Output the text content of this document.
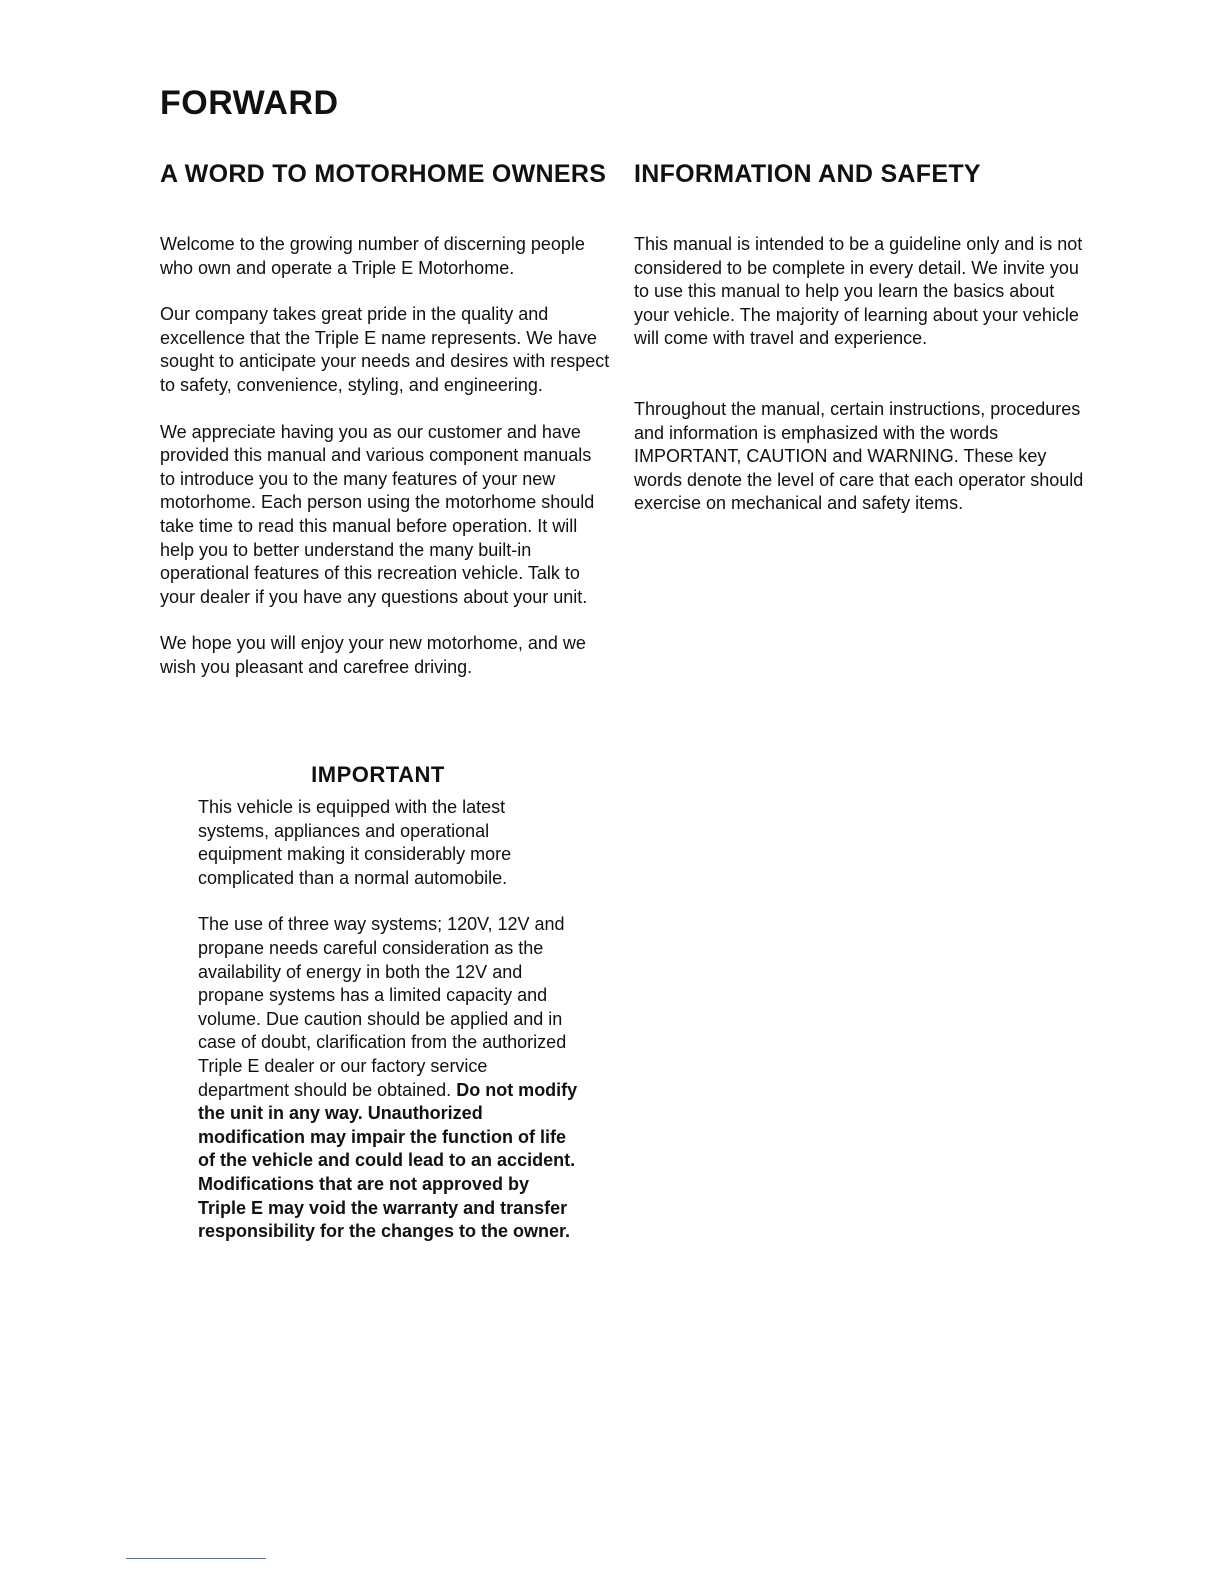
FORWARD
A WORD TO MOTORHOME OWNERS

Welcome to the growing number of discerning people who own and operate a Triple E Motorhome.

Our company takes great pride in the quality and excellence that the Triple E name represents. We have sought to anticipate your needs and desires with respect to safety, convenience, styling, and engineering.

We appreciate having you as our customer and have provided this manual and various component manuals to introduce you to the many features of your new motorhome. Each person using the motorhome should take time to read this manual before operation. It will help you to better understand the many built-in operational features of this recreation vehicle. Talk to your dealer if you have any questions about your unit.

We hope you will enjoy your new motorhome, and we wish you pleasant and carefree driving.

INFORMATION AND SAFETY

This manual is intended to be a guideline only and is not considered to be complete in every detail. We invite you to use this manual to help you learn the basics about your vehicle. The majority of learning about your vehicle will come with travel and experience.

Throughout the manual, certain instructions, procedures and information is emphasized with the words IMPORTANT, CAUTION and WARNING. These key words denote the level of care that each operator should exercise on mechanical and safety items.

IMPORTANT

This vehicle is equipped with the latest systems, appliances and operational equipment making it considerably more complicated than a normal automobile.

The use of three way systems; 120V, 12V and propane needs careful consideration as the availability of energy in both the 12V and propane systems has a limited capacity and volume. Due caution should be applied and in case of doubt, clarification from the authorized Triple E dealer or our factory service department should be obtained. Do not modify the unit in any way. Unauthorized modification may impair the function of life of the vehicle and could lead to an accident. Modifications that are not approved by Triple E may void the warranty and transfer responsibility for the changes to the owner.
